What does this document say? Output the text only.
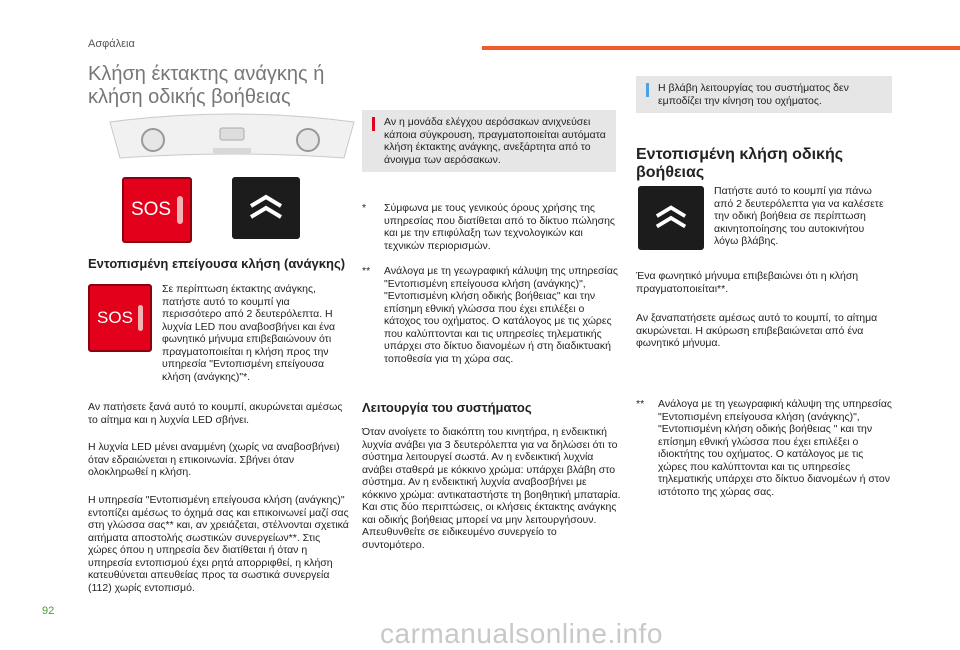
Ασφάλεια
Κλήση έκτακτης ανάγκης ή κλήση οδικής βοήθειας
SOS
Εντοπισμένη επείγουσα κλήση (ανάγκης)
SOS

Σε περίπτωση έκτακτης ανάγκης, πατήστε αυτό το κουμπί για περισσότερο από 2 δευτερόλεπτα. Η λυχνία LED που αναβοσβήνει και ένα φωνητικό μήνυμα επιβεβαιώνουν ότι πραγματοποιείται η κλήση προς την υπηρεσία "Εντοπισμένη επείγουσα κλήση (ανάγκης)"*.

Αν πατήσετε ξανά αυτό το κουμπί, ακυρώνεται αμέσως το αίτημα και η λυχνία LED σβήνει.

Η λυχνία LED μένει αναμμένη (χωρίς να αναβοσβήνει) όταν εδραιώνεται η επικοινωνία. Σβήνει όταν ολοκληρωθεί η κλήση.

Η υπηρεσία "Εντοπισμένη επείγουσα κλήση (ανάγκης)" εντοπίζει αμέσως το όχημά σας και επικοινωνεί μαζί σας στη γλώσσα σας** και, αν χρειάζεται, στέλνονται σχετικά αιτήματα αποστολής σωστικών συνεργείων**. Στις χώρες όπου η υπηρεσία δεν διατίθεται ή όταν η υπηρεσία εντοπισμού έχει ρητά απορριφθεί, η κλήση κατευθύνεται απευθείας προς τα σωστικά συνεργεία (112) χωρίς εντοπισμό.

Αν η μονάδα ελέγχου αερόσακων ανιχνεύσει κάποια σύγκρουση, πραγματοποιείται αυτόματα κλήση έκτακτης ανάγκης, ανεξάρτητα από το άνοιγμα των αερόσακων.

*	Σύμφωνα με τους γενικούς όρους χρήσης της υπηρεσίας που διατίθεται από το δίκτυο πώλησης και με την επιφύλαξη των τεχνολογικών και τεχνικών περιορισμών.

**	Ανάλογα με τη γεωγραφική κάλυψη της υπηρεσίας "Εντοπισμένη επείγουσα κλήση (ανάγκης)", "Εντοπισμένη κλήση οδικής βοήθειας" και την επίσημη εθνική γλώσσα που έχει επιλέξει ο κάτοχος του οχήματος. Ο κατάλογος με τις χώρες που καλύπτονται και τις υπηρεσίες τηλεματικής υπάρχει στο δίκτυο διανομέων ή στη διαδικτυακή τοποθεσία για τη χώρα σας.

Λειτουργία του συστήματος

Όταν ανοίγετε το διακόπτη του κινητήρα, η ενδεικτική λυχνία ανάβει για 3 δευτερόλεπτα για να δηλώσει ότι το σύστημα λειτουργεί σωστά. Αν η ενδεικτική λυχνία ανάβει σταθερά με κόκκινο χρώμα: υπάρχει βλάβη στο σύστημα. Αν η ενδεικτική λυχνία αναβοσβήνει με κόκκινο χρώμα: αντικαταστήστε τη βοηθητική μπαταρία. Και στις δύο περιπτώσεις, οι κλήσεις έκτακτης ανάγκης και οδικής βοήθειας μπορεί να μην λειτουργήσουν. Απευθυνθείτε σε ειδικευμένο συνεργείο το συντομότερο.

Η βλάβη λειτουργίας του συστήματος δεν εμποδίζει την κίνηση του οχήματος.

Εντοπισμένη κλήση οδικής βοήθειας

Πατήστε αυτό το κουμπί για πάνω από 2 δευτερόλεπτα για να καλέσετε την οδική βοήθεια σε περίπτωση ακινητοποίησης του αυτοκινήτου λόγω βλάβης.

Ένα φωνητικό μήνυμα επιβεβαιώνει ότι η κλήση πραγματοποιείται**.

Αν ξαναπατήσετε αμέσως αυτό το κουμπί, το αίτημα ακυρώνεται. Η ακύρωση επιβεβαιώνεται από ένα φωνητικό μήνυμα.

**	Ανάλογα με τη γεωγραφική κάλυψη της υπηρεσίας "Εντοπισμένη επείγουσα κλήση (ανάγκης)", "Εντοπισμένη κλήση οδικής βοήθειας " και την επίσημη εθνική γλώσσα που έχει επιλέξει ο ιδιοκτήτης του οχήματος. Ο κατάλογος με τις χώρες που καλύπτονται και τις υπηρεσίες τηλεματικής υπάρχει στο δίκτυο διανομέων ή στον ιστότοπο της χώρας σας.

92
carmanualsonline.info
